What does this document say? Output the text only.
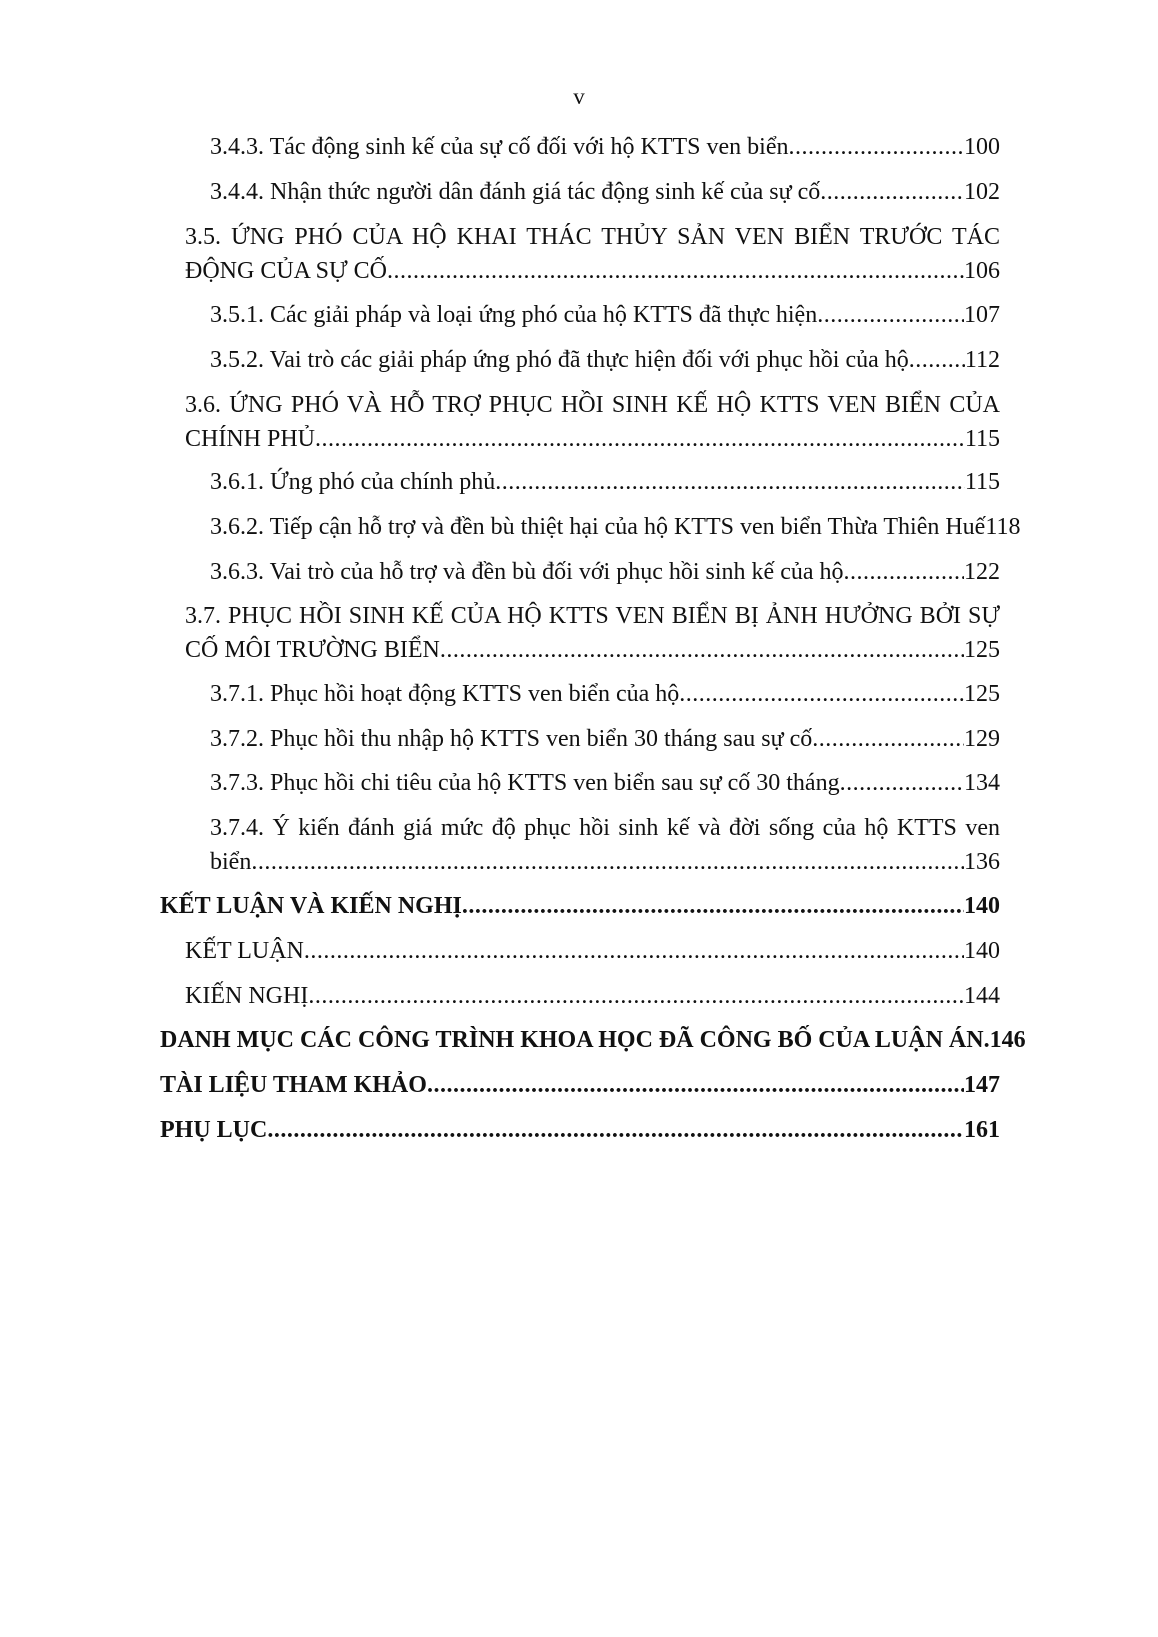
v
3.4.3. Tác động sinh kế của sự cố đối với hộ KTTS ven biển .....	100
3.4.4. Nhận thức người dân đánh giá tác động sinh kế của sự cố .....	102
3.5. ỨNG PHÓ CỦA HỘ KHAI THÁC THỦY SẢN VEN BIỂN TRƯỚC TÁC
ĐỘNG CỦA SỰ CỐ .....	106
3.5.1. Các giải pháp và loại ứng phó của hộ KTTS đã thực hiện .....	107
3.5.2. Vai trò các giải pháp ứng phó đã thực hiện đối với phục hồi của hộ ..... 112
3.6. ỨNG PHÓ VÀ HỖ TRỢ PHỤC HỒI SINH KẾ HỘ KTTS VEN BIỂN CỦA
CHÍNH PHỦ .....	115
3.6.1. Ứng phó của chính phủ .....	115
3.6.2. Tiếp cận hỗ trợ và đền bù thiệt hại của hộ KTTS ven biển Thừa Thiên Huế 118
3.6.3. Vai trò của hỗ trợ và đền bù đối với phục hồi sinh kế của hộ .....	122
3.7. PHỤC HỒI SINH KẾ CỦA HỘ KTTS VEN BIỂN BỊ ẢNH HƯỞNG BỞI SỰ
CỐ MÔI TRƯỜNG BIỂN .....	125
3.7.1. Phục hồi hoạt động KTTS ven biển của hộ .....	125
3.7.2. Phục hồi thu nhập hộ KTTS ven biển 30 tháng sau sự cố .....	129
3.7.3. Phục hồi chi tiêu của hộ KTTS ven biển sau sự cố 30 tháng .....	134
3.7.4. Ý kiến đánh giá mức độ phục hồi sinh kế và đời sống của hộ KTTS ven
biển .....	136
KẾT LUẬN VÀ KIẾN NGHỊ .....	140
KẾT LUẬN .....	140
KIẾN NGHỊ .....	144
DANH MỤC CÁC CÔNG TRÌNH KHOA HỌC ĐÃ CÔNG BỐ CỦA LUẬN ÁN. 146
TÀI LIỆU THAM KHẢO .....	147
PHỤ LỤC .....	161
